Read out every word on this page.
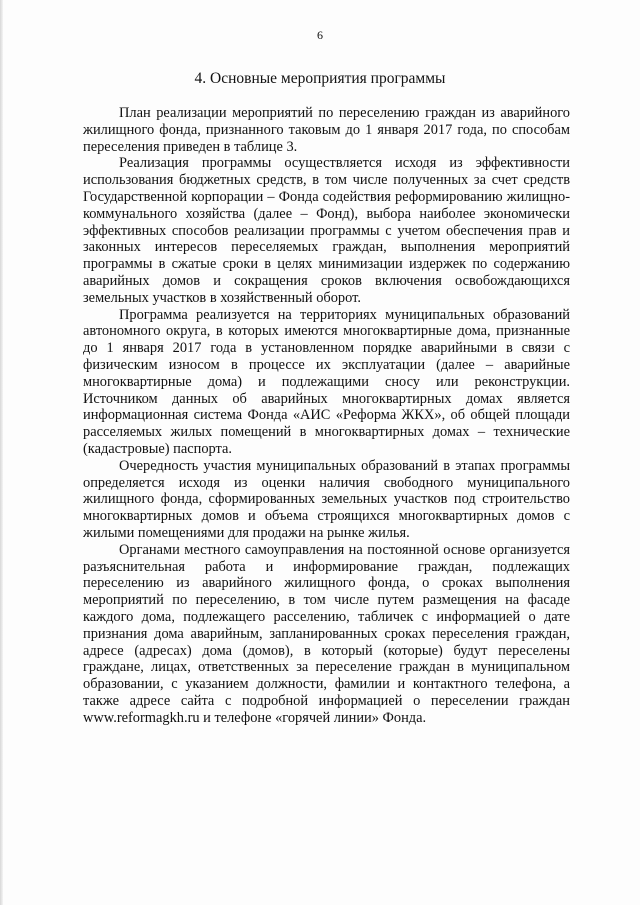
6
4. Основные мероприятия программы

План реализации мероприятий по переселению граждан из аварийного жилищного фонда, признанного таковым до 1 января 2017 года, по способам переселения приведен в таблице 3.

Реализация программы осуществляется исходя из эффективности использования бюджетных средств, в том числе полученных за счет средств Государственной корпорации – Фонда содействия реформированию жилищно-коммунального хозяйства (далее – Фонд), выбора наиболее экономически эффективных способов реализации программы с учетом обеспечения прав и законных интересов переселяемых граждан, выполнения мероприятий программы в сжатые сроки в целях минимизации издержек по содержанию аварийных домов и сокращения сроков включения освобождающихся земельных участков в хозяйственный оборот.

Программа реализуется на территориях муниципальных образований автономного округа, в которых имеются многоквартирные дома, признанные до 1 января 2017 года в установленном порядке аварийными в связи с физическим износом в процессе их эксплуатации (далее – аварийные многоквартирные дома) и подлежащими сносу или реконструкции. Источником данных об аварийных многоквартирных домах является информационная система Фонда «АИС «Реформа ЖКХ», об общей площади расселяемых жилых помещений в многоквартирных домах – технические (кадастровые) паспорта.

Очередность участия муниципальных образований в этапах программы определяется исходя из оценки наличия свободного муниципального жилищного фонда, сформированных земельных участков под строительство многоквартирных домов и объема строящихся многоквартирных домов с жилыми помещениями для продажи на рынке жилья.

Органами местного самоуправления на постоянной основе организуется разъяснительная работа и информирование граждан, подлежащих переселению из аварийного жилищного фонда, о сроках выполнения мероприятий по переселению, в том числе путем размещения на фасаде каждого дома, подлежащего расселению, табличек с информацией о дате признания дома аварийным, запланированных сроках переселения граждан, адресе (адресах) дома (домов), в который (которые) будут переселены граждане, лицах, ответственных за переселение граждан в муниципальном образовании, с указанием должности, фамилии и контактного телефона, а также адресе сайта с подробной информацией о переселении граждан www.reformagkh.ru и телефоне «горячей линии» Фонда.
